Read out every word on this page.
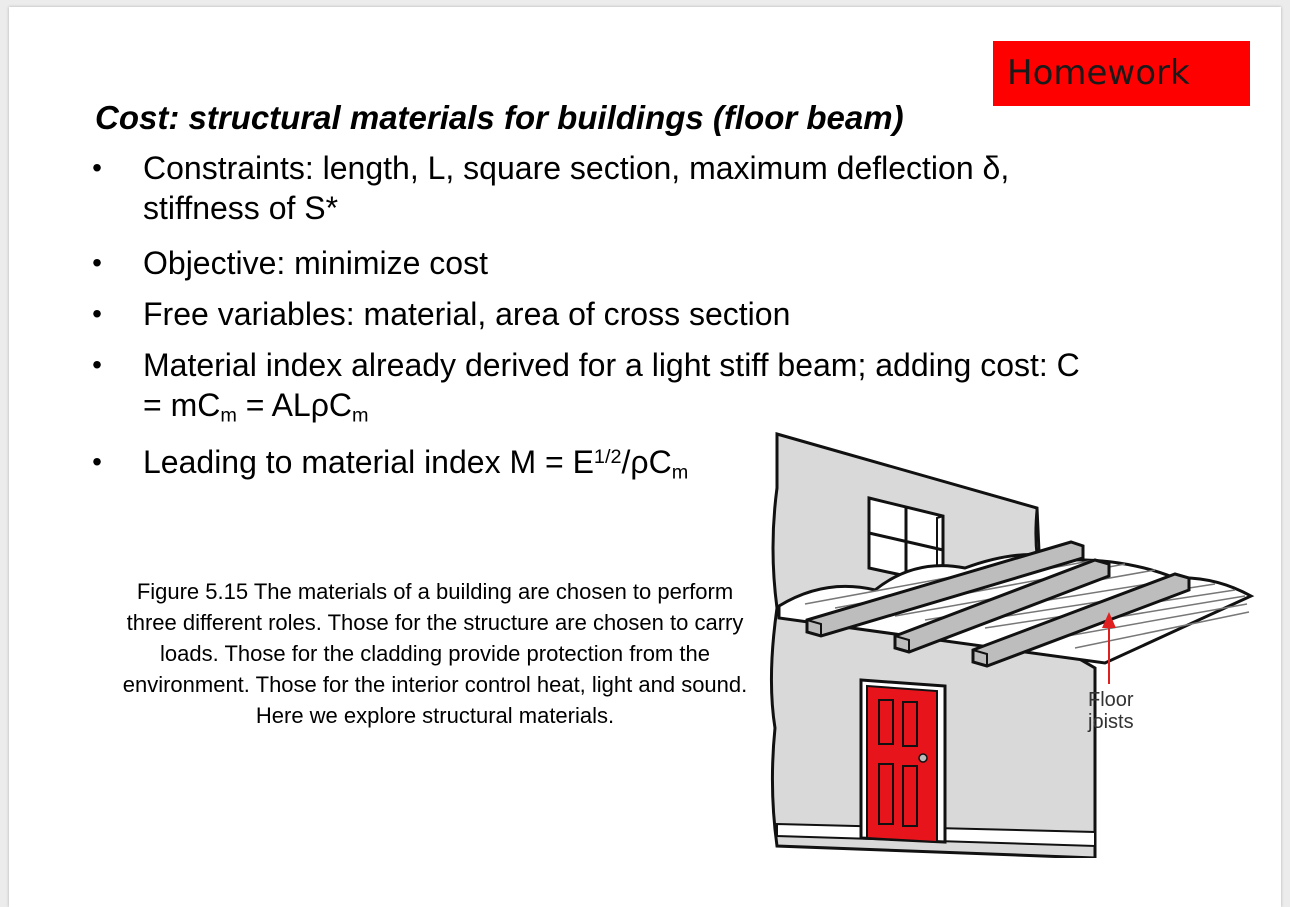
Homework
Cost: structural materials for buildings (floor beam)
• Constraints: length, L, square section, maximum deflection δ,
stiffness of S*
• Objective: minimize cost
• Free variables: material, area of cross section
• Material index already derived for a light stiff beam; adding cost: C
= $mC_m = AL\rho C_m$
• Leading to material index $M = E^{1/2}/\rho C_m$

Figure 5.15 The materials of a building are chosen to perform three different roles. Those for the structure are chosen to carry loads. Those for the cladding provide protection from the environment. Those for the interior control heat, light and sound. Here we explore structural materials.

Floor
joists
